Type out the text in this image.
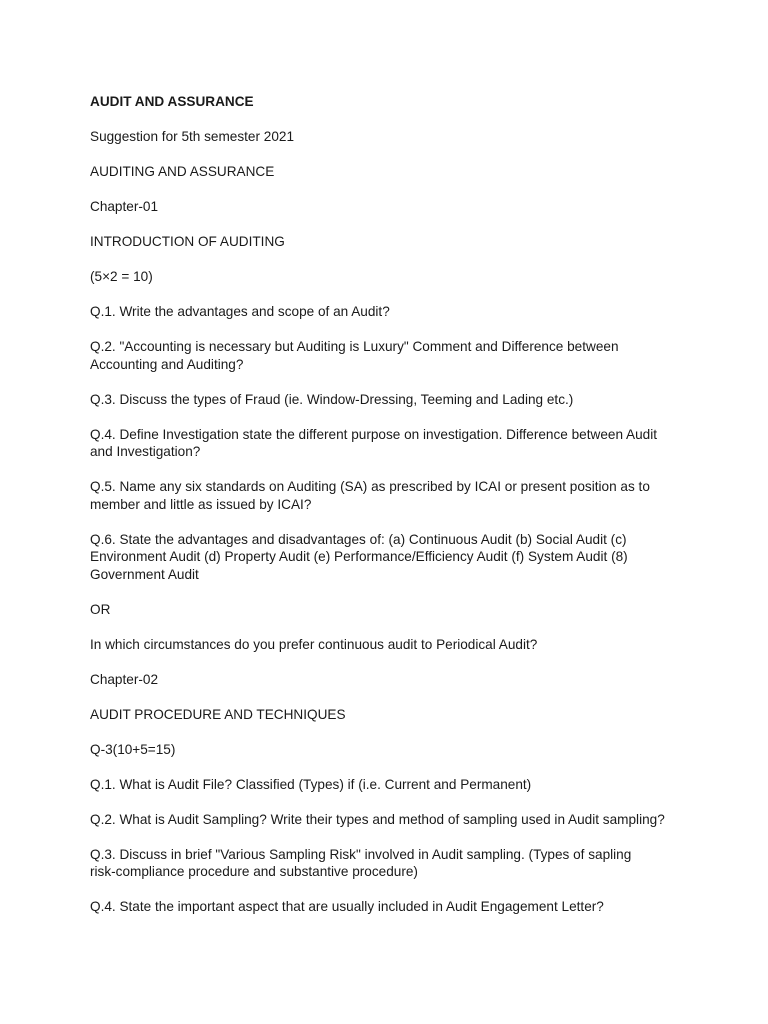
AUDIT AND ASSURANCE

Suggestion for 5th semester 2021

AUDITING AND ASSURANCE

Chapter-01

INTRODUCTION OF AUDITING

(5×2 = 10)

Q.1. Write the advantages and scope of an Audit?

Q.2. "Accounting is necessary but Auditing is Luxury" Comment and Difference between
Accounting and Auditing?

Q.3. Discuss the types of Fraud (ie. Window-Dressing, Teeming and Lading etc.)

Q.4. Define Investigation state the different purpose on investigation. Difference between Audit
and Investigation?

Q.5. Name any six standards on Auditing (SA) as prescribed by ICAI or present position as to
member and little as issued by ICAI?

Q.6. State the advantages and disadvantages of: (a) Continuous Audit (b) Social Audit (c)
Environment Audit (d) Property Audit (e) Performance/Efficiency Audit (f) System Audit (8)
Government Audit

OR

In which circumstances do you prefer continuous audit to Periodical Audit?

Chapter-02

AUDIT PROCEDURE AND TECHNIQUES

Q-3(10+5=15)

Q.1. What is Audit File? Classified (Types) if (i.e. Current and Permanent)

Q.2. What is Audit Sampling? Write their types and method of sampling used in Audit sampling?

Q.3. Discuss in brief "Various Sampling Risk" involved in Audit sampling. (Types of sapling
risk-compliance procedure and substantive procedure)

Q.4. State the important aspect that are usually included in Audit Engagement Letter?
